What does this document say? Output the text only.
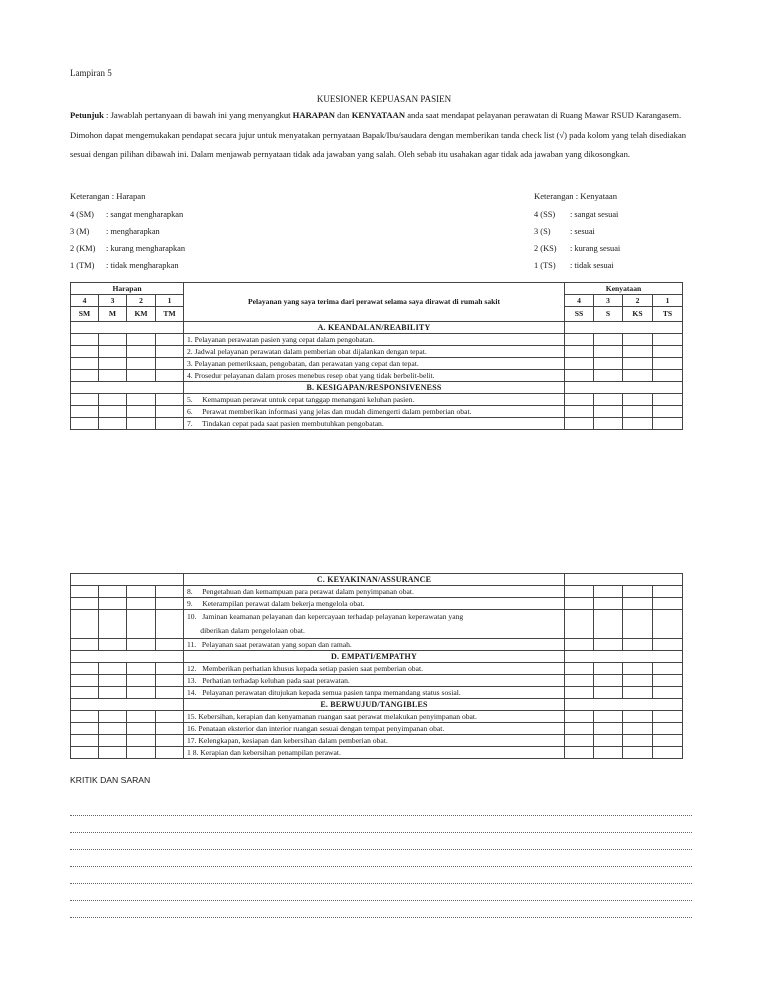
Lampiran 5
KUESIONER KEPUASAN PASIEN
Petunjuk : Jawablah pertanyaan di bawah ini yang menyangkut HARAPAN dan KENYATAAN anda saat mendapat pelayanan perawatan di Ruang Mawar RSUD Karangasem. Dimohon dapat mengemukakan pendapat secara jujur untuk menyatakan pernyataan Bapak/Ibu/saudara dengan memberikan tanda check list (√) pada kolom yang telah disediakan sesuai dengan pilihan dibawah ini. Dalam menjawab pernyataan tidak ada jawaban yang salah. Oleh sebab itu usahakan agar tidak ada jawaban yang dikosongkan.
Keterangan : Harapan
4 (SM) : sangat mengharapkan
3 (M) : mengharapkan
2 (KM) : kurang mengharapkan
1 (TM) : tidak mengharapkan
Keterangan : Kenyataan
4 (SS) : sangat sesuai
3 (S) : sesuai
2 (KS) : kurang sesuai
1 (TS) : tidak sesuai
Harapan				Pelayanan yang saya terima dari perawat selama saya dirawat di rumah sakit	Kenyataan			
4	3	2	1		4	3	2	1
SM	M	KM	TM		SS	S	KS	TS
				A. KEANDALAN/REABILITY				
				1. Pelayanan perawatan pasien yang cepat dalam pengobatan.				
				2. Jadwal pelayanan perawatan dalam pemberian obat dijalankan dengan tepat.				
				3. Pelayanan pemeriksaan, pengobatan, dan perawatan yang cepat dan tepat.				
				4. Prosedur pelayanan dalam proses menebus resep obat yang tidak berbelit-belit.				
				B. KESIGAPAN/RESPONSIVENESS				
				5.     Kemampuan perawat untuk cepat tanggap menangani keluhan pasien.				
				6.     Perawat memberikan informasi yang jelas dan mudah dimengerti dalam pemberian obat.				
				7.     Tindakan cepat pada saat pasien membutuhkan pengobatan.				
				C. KEYAKINAN/ASSURANCE				
				8.     Pengetahuan dan kemampuan para perawat dalam penyimpanan obat.				
				9.     Keterampilan perawat dalam bekerja mengelola obat.				

				10.   Jaminan keamanan pelayanan dan kepercayaan terhadap pelayanan keperawatan yang
diberikan dalam pengelolaan obat.				

				11.   Pelayanan saat perawatan yang sopan dan ramah.				
				D. EMPATI/EMPATHY				
				12.   Memberikan perhatian khusus kepada setiap pasien saat pemberian obat.				
				13.   Perhatian terhadap keluhan pada saat perawatan.				
				14.   Pelayanan perawatan ditujukan kepada semua pasien tanpa memandang status sosial.				
				E. BERWUJUD/TANGIBLES				
				15. Kebersihan, kerapian dan kenyamanan ruangan saat perawat melakukan penyimpanan obat.				
				16. Penataan eksterior dan interior ruangan sesuai dengan tempat penyimpanan obat.				
				17. Kelengkapan, kesiapan dan kebersihan dalam pemberian obat.				
				1 8. Kerapian dan kebersihan penampilan perawat.				
KRITIK DAN SARAN
